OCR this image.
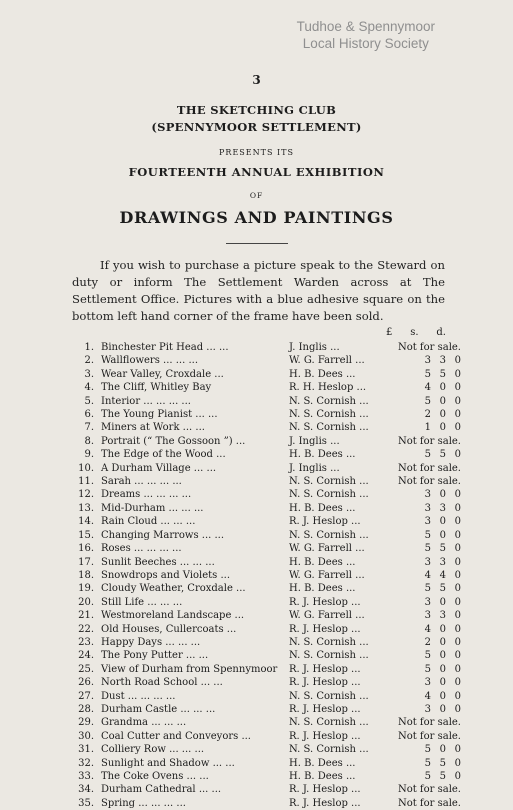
Tudhoe & Spennymoor
Local History Society

3
THE SKETCHING CLUB
(SPENNYMOOR SETTLEMENT)
PRESENTS ITS
FOURTEENTH ANNUAL EXHIBITION
OF
DRAWINGS AND PAINTINGS

If you wish to purchase a picture speak to the Steward on duty or inform The Settlement Warden across at The Settlement Office. Pictures with a blue adhesive square on the bottom left hand corner of the frame have been sold.

£ s. d.
1.	Binchester Pit Head ... ...	J. Inglis ...	Not for sale.
2.	Wallflowers ... ... ...	W. G. Farrell ...	3 3 0

3.	Wear Valley, Croxdale ...	H. B. Dees ...	5 5 0

4.	The Cliff, Whitley Bay	R. H. Heslop ...	4 0 0

5.	Interior ... ... ... ...	N. S. Cornish ...	5 0 0

6.	The Young Pianist ... ...	N. S. Cornish ...	2 0 0

7.	Miners at Work ... ...	N. S. Cornish ...	1 0 0

8.	Portrait (“ The Gossoon ”) ...	J. Inglis ...	Not for sale.
9.	The Edge of the Wood ...	H. B. Dees ...	5 5 0

10.	A Durham Village ... ...	J. Inglis ...	Not for sale.
11.	Sarah ... ... ... ...	N. S. Cornish ...	Not for sale.
12.	Dreams ... ... ... ...	N. S. Cornish ...	3 0 0

13.	Mid-Durham ... ... ...	H. B. Dees ...	3 3 0

14.	Rain Cloud ... ... ...	R. J. Heslop ...	3 0 0

15.	Changing Marrows ... ...	N. S. Cornish ...	5 0 0

16.	Roses ... ... ... ...	W. G. Farrell ...	5 5 0

17.	Sunlit Beeches ... ... ...	H. B. Dees ...	3 3 0

18.	Snowdrops and Violets ...	W. G. Farrell ...	4 4 0

19.	Cloudy Weather, Croxdale ...	H. B. Dees ...	5 5 0

20.	Still Life ... ... ...	R. J. Heslop ...	3 0 0

21.	Westmoreland Landscape ...	W. G. Farrell ...	3 3 0

22.	Old Houses, Cullercoats ...	R. J. Heslop ...	4 0 0

23.	Happy Days ... ... ...	N. S. Cornish ...	2 0 0

24.	The Pony Putter ... ...	N. S. Cornish ...	5 0 0

25.	View of Durham from Spennymoor	R. J. Heslop ...	5 0 0

26.	North Road School ... ...	R. J. Heslop ...	3 0 0

27.	Dust ... ... ... ...	N. S. Cornish ...	4 0 0

28.	Durham Castle ... ... ...	R. J. Heslop ...	3 0 0

29.	Grandma ... ... ...	N. S. Cornish ...	Not for sale.
30.	Coal Cutter and Conveyors ...	R. J. Heslop ...	Not for sale.
31.	Colliery Row ... ... ...	N. S. Cornish ...	5 0 0

32.	Sunlight and Shadow ... ...	H. B. Dees ...	5 5 0

33.	The Coke Ovens ... ...	H. B. Dees ...	5 5 0

34.	Durham Cathedral ... ...	R. J. Heslop ...	Not for sale.
35.	Spring ... ... ... ...	R. J. Heslop ...	Not for sale.
